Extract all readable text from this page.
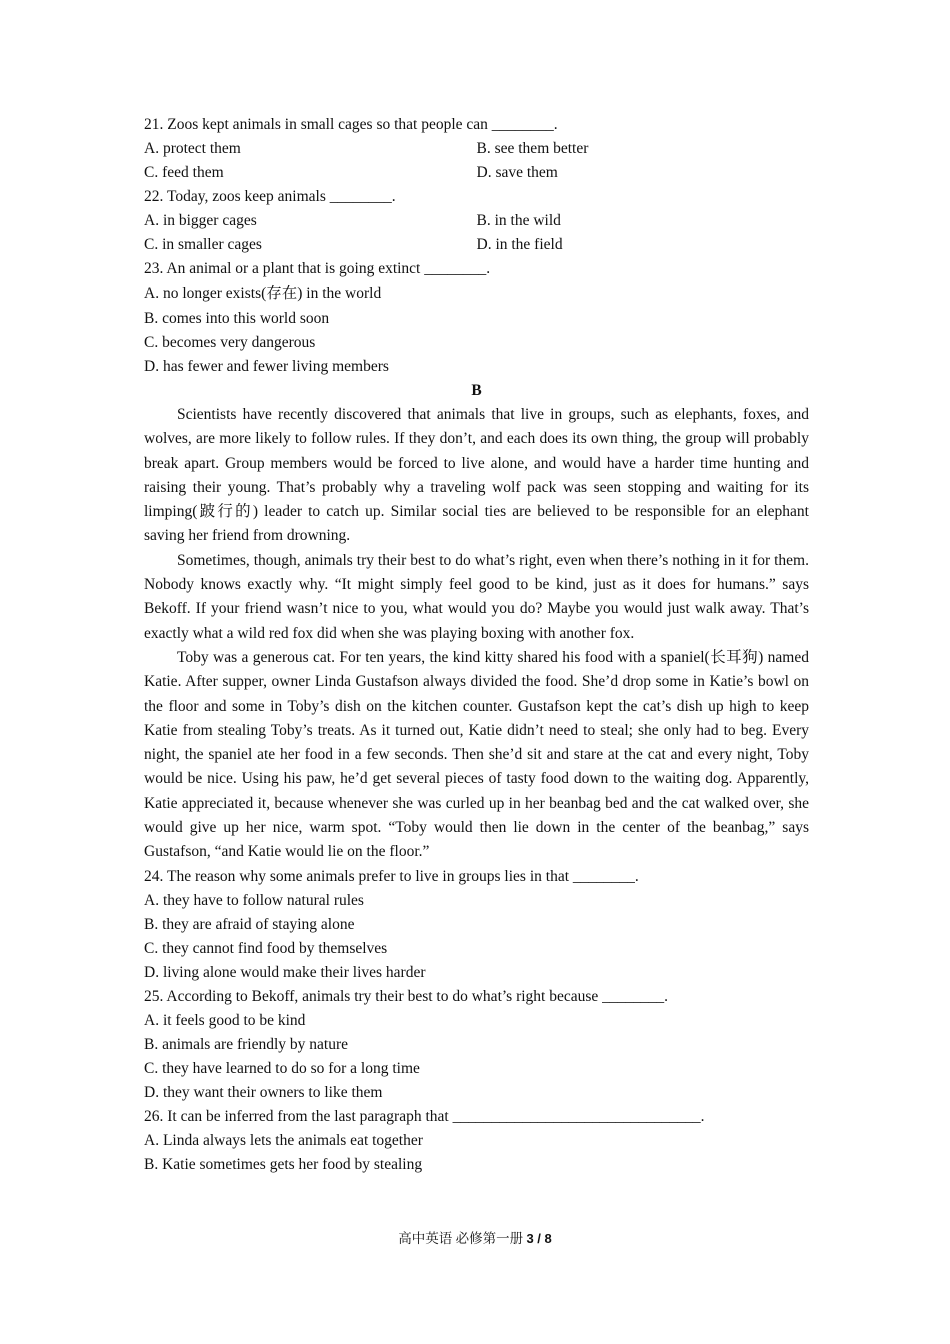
21. Zoos kept animals in small cages so that people can ________.
A. protect them	B. see them better
C. feed them	D. save them
22. Today, zoos keep animals ________.
A. in bigger cages	B. in the wild
C. in smaller cages	D. in the field
23. An animal or a plant that is going extinct ________.
A. no longer exists(存在) in the world
B. comes into this world soon
C. becomes very dangerous
D. has fewer and fewer living members
B
Scientists have recently discovered that animals that live in groups, such as elephants, foxes, and wolves, are more likely to follow rules. If they don’t, and each does its own thing, the group will probably break apart. Group members would be forced to live alone, and would have a harder time hunting and raising their young. That’s probably why a traveling wolf pack was seen stopping and waiting for its limping(跛行的) leader to catch up. Similar social ties are believed to be responsible for an elephant saving her friend from drowning.
Sometimes, though, animals try their best to do what’s right, even when there’s nothing in it for them. Nobody knows exactly why. “It might simply feel good to be kind, just as it does for humans.” says Bekoff. If your friend wasn’t nice to you, what would you do? Maybe you would just walk away. That’s exactly what a wild red fox did when she was playing boxing with another fox.
Toby was a generous cat. For ten years, the kind kitty shared his food with a spaniel(长耳狗) named Katie. After supper, owner Linda Gustafson always divided the food. She’d drop some in Katie’s bowl on the floor and some in Toby’s dish on the kitchen counter. Gustafson kept the cat’s dish up high to keep Katie from stealing Toby’s treats. As it turned out, Katie didn’t need to steal; she only had to beg. Every night, the spaniel ate her food in a few seconds. Then she’d sit and stare at the cat and every night, Toby would be nice. Using his paw, he’d get several pieces of tasty food down to the waiting dog. Apparently, Katie appreciated it, because whenever she was curled up in her beanbag bed and the cat walked over, she would give up her nice, warm spot. “Toby would then lie down in the center of the beanbag,” says Gustafson, “and Katie would lie on the floor.”
24. The reason why some animals prefer to live in groups lies in that ________.
A. they have to follow natural rules
B. they are afraid of staying alone
C. they cannot find food by themselves
D. living alone would make their lives harder
25. According to Bekoff, animals try their best to do what’s right because ________.
A. it feels good to be kind
B. animals are friendly by nature
C. they have learned to do so for a long time
D. they want their owners to like them
26. It can be inferred from the last paragraph that ________________________________.
A. Linda always lets the animals eat together
B. Katie sometimes gets her food by stealing
高中英语 必修第一册 3 / 8
